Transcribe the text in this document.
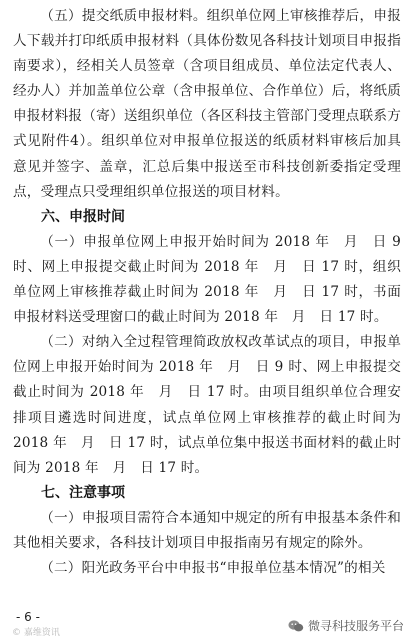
（五）提交纸质申报材料。组织单位网上审核推荐后，申报人下载并打印纸质申报材料（具体份数见各科技计划项目申报指南要求），经相关人员签章（含项目组成员、单位法定代表人、经办人）并加盖单位公章（含申报单位、合作单位）后，将纸质申报材料报（寄）送组织单位（各区科技主管部门受理点联系方式见附件4）。组织单位对申报单位报送的纸质材料审核后加具意见并签字、盖章，汇总后集中报送至市科技创新委指定受理点，受理点只受理组织单位报送的项目材料。

六、申报时间

（一）申报单位网上申报开始时间为 2018 年　月　日 9 时、网上申报提交截止时间为 2018 年　月　日 17 时，组织单位网上审核推荐截止时间为 2018 年　月　日 17 时，书面申报材料送受理窗口的截止时间为 2018 年　月　日 17 时。

（二）对纳入全过程管理简政放权改革试点的项目，申报单位网上申报开始时间为 2018 年　月　日 9 时、网上申报提交截止时间为 2018 年　月　日 17 时。由项目组织单位合理安排项目遴选时间进度，试点单位网上审核推荐的截止时间为 2018 年　月　日 17 时，试点单位集中报送书面材料的截止时间为 2018 年　月　日 17 时。

七、注意事项

（一）申报项目需符合本通知中规定的所有申报基本条件和其他相关要求，各科技计划项目申报指南另有规定的除外。

（二）阳光政务平台中申报书“申报单位基本情况”的相关

- 6 -
© 嘉维资讯	微寻科技服务平台
